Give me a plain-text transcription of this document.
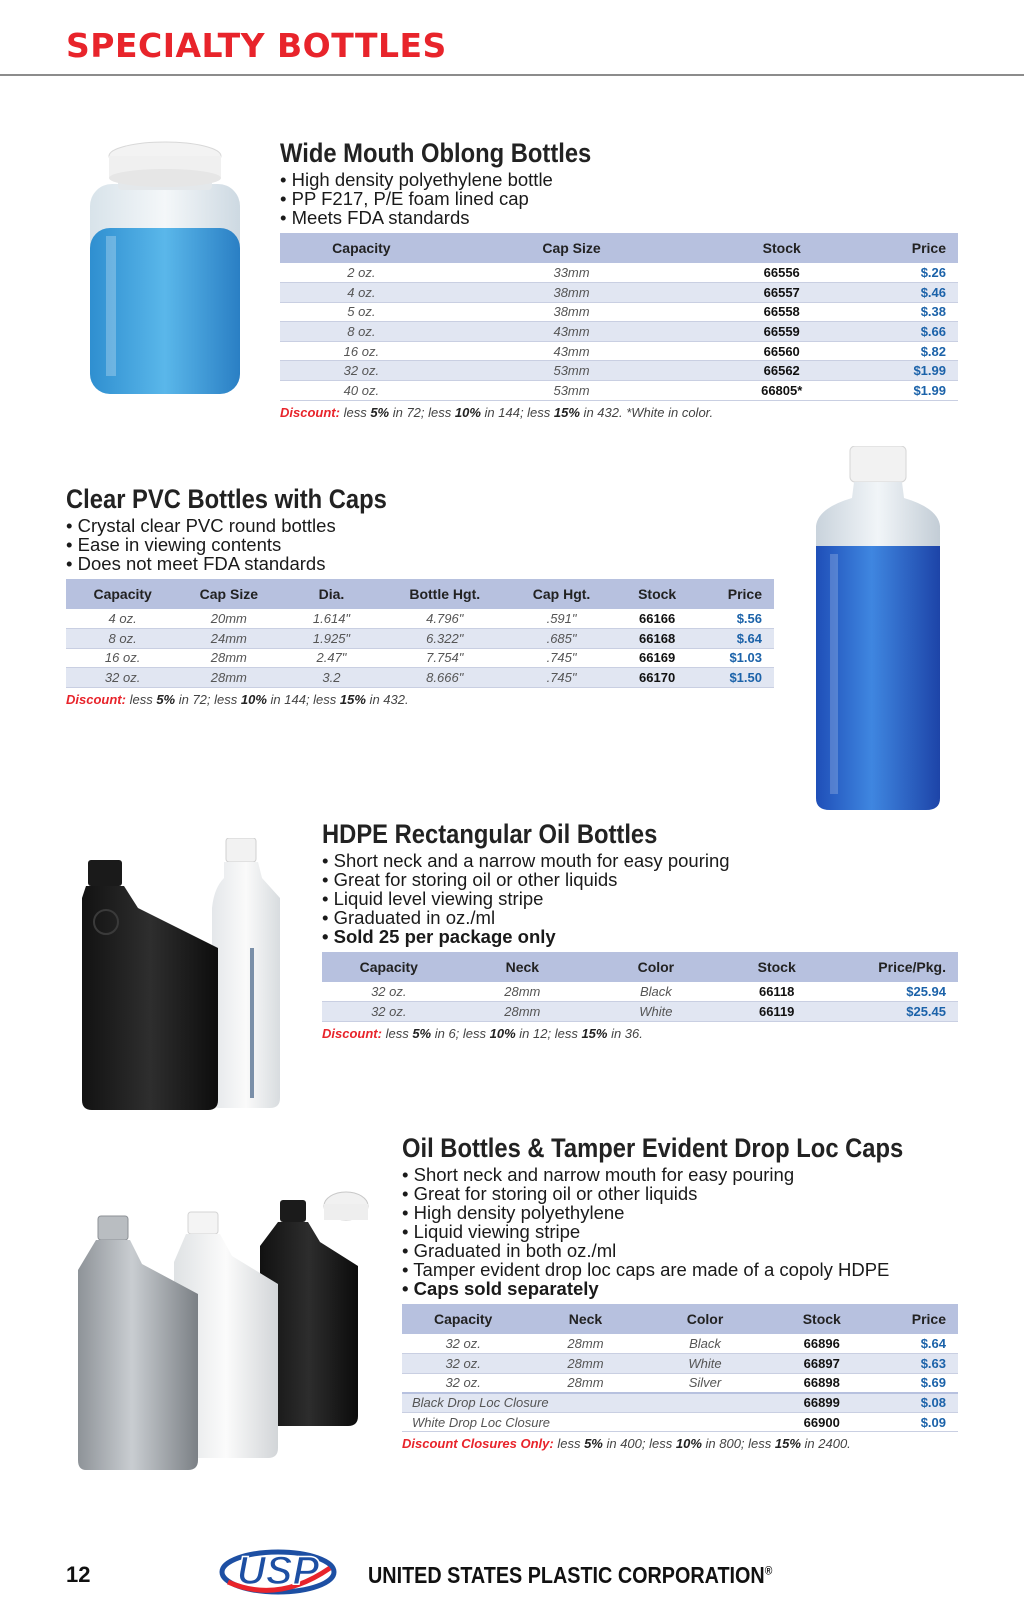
SPECIALTY BOTTLES
Wide Mouth Oblong Bottles
• High density polyethylene bottle
• PP F217, P/E foam lined cap
• Meets FDA standards
Capacity	Cap Size	Stock	Price
2 oz.	33mm	66556	$.26
4 oz.	38mm	66557	$.46
5 oz.	38mm	66558	$.38
8 oz.	43mm	66559	$.66
16 oz.	43mm	66560	$.82
32 oz.	53mm	66562	$1.99
40 oz.	53mm	66805*	$1.99
Discount: less 5% in 72; less 10% in 144; less 15% in 432. *White in color.
Clear PVC Bottles with Caps
• Crystal clear PVC round bottles
• Ease in viewing contents
• Does not meet FDA standards
Capacity	Cap Size	Dia.	Bottle Hgt.	Cap Hgt.	Stock	Price
4 oz.	20mm	1.614"	4.796"	.591"	66166	$.56
8 oz.	24mm	1.925"	6.322"	.685"	66168	$.64
16 oz.	28mm	2.47"	7.754"	.745"	66169	$1.03
32 oz.	28mm	3.2	8.666"	.745"	66170	$1.50
Discount: less 5% in 72; less 10% in 144; less 15% in 432.
HDPE Rectangular Oil Bottles
• Short neck and a narrow mouth for easy pouring
• Great for storing oil or other liquids
• Liquid level viewing stripe
• Graduated in oz./ml
• Sold 25 per package only
Capacity	Neck	Color	Stock	Price/Pkg.
32 oz.	28mm	Black	66118	$25.94
32 oz.	28mm	White	66119	$25.45
Discount: less 5% in 6; less 10% in 12; less 15% in 36.
Oil Bottles & Tamper Evident Drop Loc Caps
• Short neck and narrow mouth for easy pouring
• Great for storing oil or other liquids
• High density polyethylene
• Liquid viewing stripe
• Graduated in both oz./ml
• Tamper evident drop loc caps are made of a copoly HDPE
• Caps sold separately
Capacity	Neck	Color	Stock	Price
32 oz.	28mm	Black	66896	$.64
32 oz.	28mm	White	66897	$.63
32 oz.	28mm	Silver	66898	$.69
Black Drop Loc Closure			66899	$.08
White Drop Loc Closure			66900	$.09
Discount Closures Only: less 5% in 400; less 10% in 800; less 15% in 2400.
12	USP UNITED STATES PLASTIC CORPORATION®
